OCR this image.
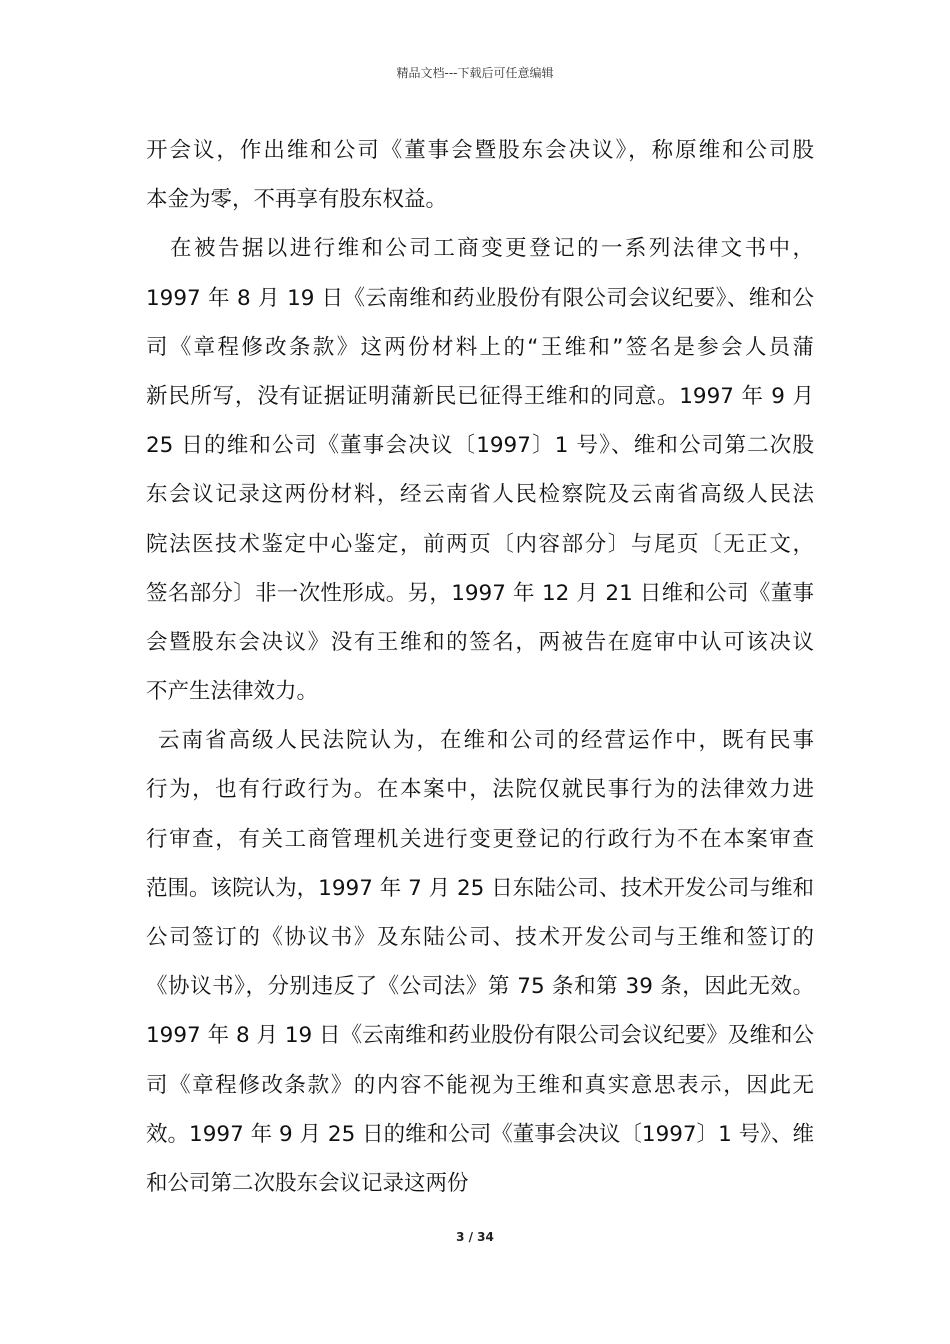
精品文档---下载后可任意编辑
开会议，作出维和公司《董事会暨股东会决议》，称原维和公司股
本金为零，不再享有股东权益。
在被告据以进行维和公司工商变更登记的一系列法律文书中，
1997 年 8 月 19 日《云南维和药业股份有限公司会议纪要》、维和公
司《章程修改条款》这两份材料上的“王维和”签名是参会人员蒲
新民所写，没有证据证明蒲新民已征得王维和的同意。1997 年 9 月
25 日的维和公司《董事会决议〔1997〕1 号》、维和公司第二次股
东会议记录这两份材料，经云南省人民检察院及云南省高级人民法
院法医技术鉴定中心鉴定，前两页〔内容部分〕与尾页〔无正文，
签名部分〕非一次性形成。另，1997 年 12 月 21 日维和公司《董事
会暨股东会决议》没有王维和的签名，两被告在庭审中认可该决议
不产生法律效力。
云南省高级人民法院认为，在维和公司的经营运作中，既有民事
行为，也有行政行为。在本案中，法院仅就民事行为的法律效力进
行审查，有关工商管理机关进行变更登记的行政行为不在本案审查
范围。该院认为，1997 年 7 月 25 日东陆公司、技术开发公司与维和
公司签订的《协议书》及东陆公司、技术开发公司与王维和签订的
《协议书》，分别违反了《公司法》第 75 条和第 39 条，因此无效。
1997 年 8 月 19 日《云南维和药业股份有限公司会议纪要》及维和公
司《章程修改条款》的内容不能视为王维和真实意思表示，因此无
效。1997 年 9 月 25 日的维和公司《董事会决议〔1997〕1 号》、维
和公司第二次股东会议记录这两份
3 / 34
